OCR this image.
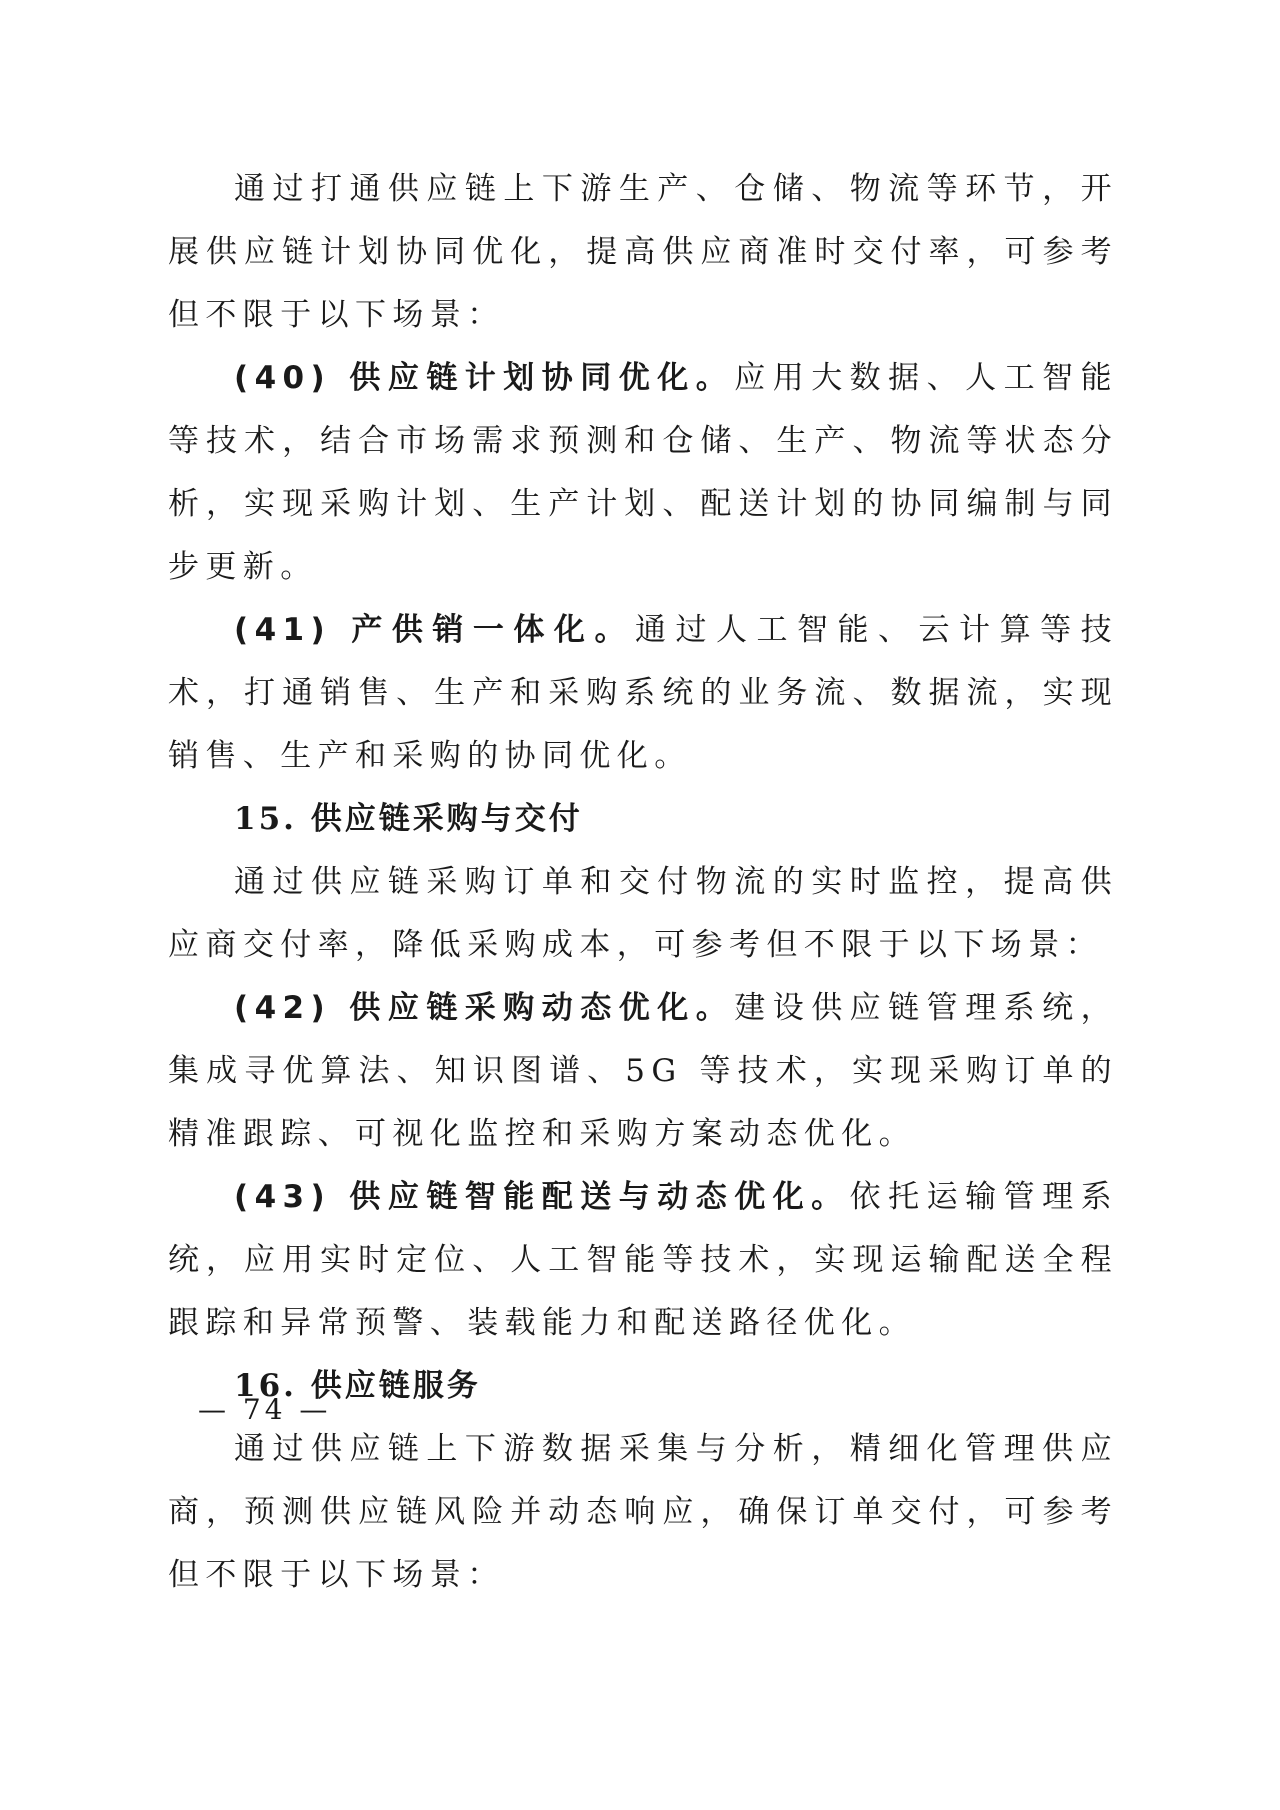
通过打通供应链上下游生产、仓储、物流等环节，开展供应链计划协同优化，提高供应商准时交付率，可参考但不限于以下场景：

(40) 供应链计划协同优化。应用大数据、人工智能等技术，结合市场需求预测和仓储、生产、物流等状态分析，实现采购计划、生产计划、配送计划的协同编制与同步更新。

(41) 产供销一体化。通过人工智能、云计算等技术，打通销售、生产和采购系统的业务流、数据流，实现销售、生产和采购的协同优化。

15. 供应链采购与交付

通过供应链采购订单和交付物流的实时监控，提高供应商交付率，降低采购成本，可参考但不限于以下场景：

(42) 供应链采购动态优化。建设供应链管理系统，集成寻优算法、知识图谱、5G 等技术，实现采购订单的精准跟踪、可视化监控和采购方案动态优化。

(43) 供应链智能配送与动态优化。依托运输管理系统，应用实时定位、人工智能等技术，实现运输配送全程跟踪和异常预警、装载能力和配送路径优化。

16. 供应链服务

通过供应链上下游数据采集与分析，精细化管理供应商，预测供应链风险并动态响应，确保订单交付，可参考但不限于以下场景：

— 74 —
